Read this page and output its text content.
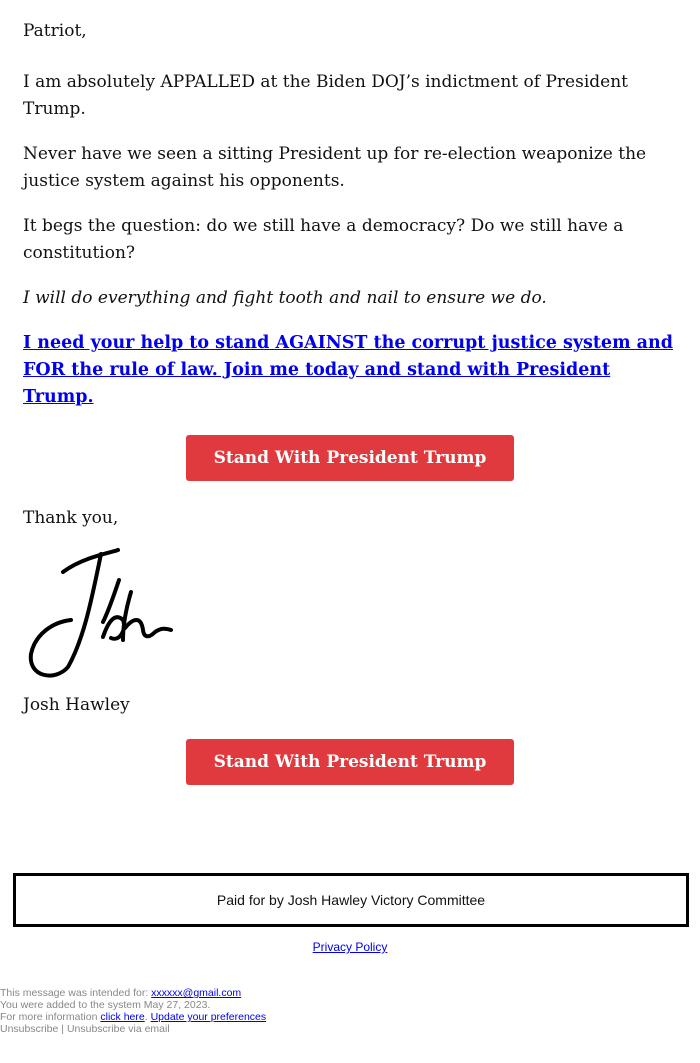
Patriot,

I am absolutely APPALLED at the Biden DOJ’s indictment of President Trump.

Never have we seen a sitting President up for re-election weaponize the justice system against his opponents.

It begs the question: do we still have a democracy? Do we still have a constitution?

I will do everything and fight tooth and nail to ensure we do.

I need your help to stand AGAINST the corrupt justice system and FOR the rule of law. Join me today and stand with President Trump.
Stand With President Trump

Thank you,

Josh Hawley

Stand With President Trump
Paid for by Josh Hawley Victory Committee
Privacy Policy
This message was intended for: xxxxxx@gmail.com
You were added to the system May 27, 2023.
For more information click here. Update your preferences
Unsubscribe | Unsubscribe via email
